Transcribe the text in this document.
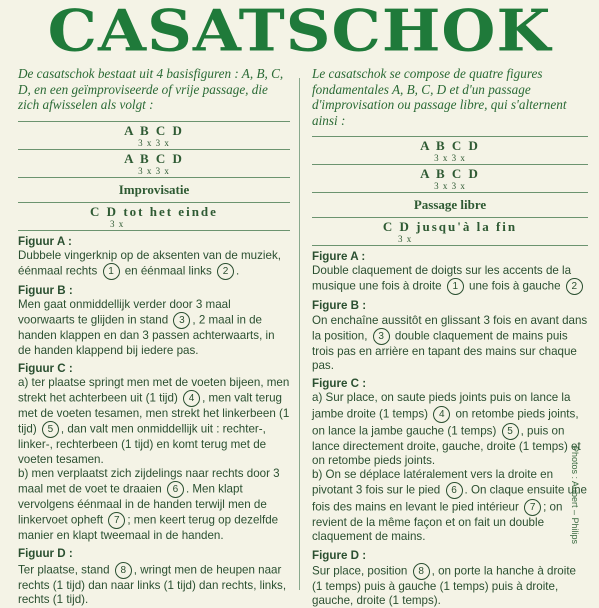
CASATSCHOK

De casatschok bestaat uit 4 basisfiguren : A, B, C, D, en een geïmproviseerde of vrije passage, die zich afwisselen als volgt :

A B C D
3 x 3 x
A B C D
3 x 3 x
Improvisatie
C D tot het einde
3 x
Figuur A :

Dubbele vingerknip op de aksenten van de muziek, éénmaal rechts 1 en éénmaal links 2 .

Figuur B :

Men gaat onmiddellijk verder door 3 maal voorwaarts te glijden in stand 3 , 2 maal in de handen klappen en dan 3 passen achterwaarts, in de handen klappend bij iedere pas.

Figuur C :

a) ter plaatse springt men met de voeten bijeen, men strekt het achterbeen uit (1 tijd) 4 , men valt terug met de voeten tesamen, men strekt het linkerbeen (1 tijd) 5 , dan valt men onmiddellijk uit : rechter-, linker-, rechterbeen (1 tijd) en komt terug met de voeten tesamen.

b) men verplaatst zich zijdelings naar rechts door 3 maal met de voet te draaien 6 . Men klapt vervolgens éénmaal in de handen terwijl men de linkervoet opheft 7 ; men keert terug op dezelfde manier en klapt tweemaal in de handen.

Figuur D :

Ter plaatse, stand 8 , wringt men de heupen naar rechts (1 tijd) dan naar links (1 tijd) dan rechts, links, rechts (1 tijd).

Le casatschok se compose de quatre figures fondamentales A, B, C, D et d'un passage d'improvisation ou passage libre, qui s'alternent ainsi :

A B C D
3 x 3 x
A B C D
3 x 3 x
Passage libre
C D jusqu'à la fin
3 x
Figure A :

Double claquement de doigts sur les accents de la musique une fois à droite 1 une fois à gauche 2

Figure B :

On enchaîne aussitôt en glissant 3 fois en avant dans la position, 3 double claquement de mains puis trois pas en arrière en tapant des mains sur chaque pas.

Figure C :

a) Sur place, on saute pieds joints puis on lance la jambe droite (1 temps) 4 on retombe pieds joints, on lance la jambe gauche (1 temps) 5 , puis on lance directement droite, gauche, droite (1 temps) et on retombe pieds joints.

b) On se déplace latéralement vers la droite en pivotant 3 fois sur le pied 6 . On claque ensuite une fois des mains en levant le pied intérieur 7 ; on revient de la même façon et on fait un double claquement de mains.

Figure D :

Sur place, position 8 , on porte la hanche à droite (1 temps) puis à gauche (1 temps) puis à droite, gauche, droite (1 temps).

Photos : Aubert – Philips
